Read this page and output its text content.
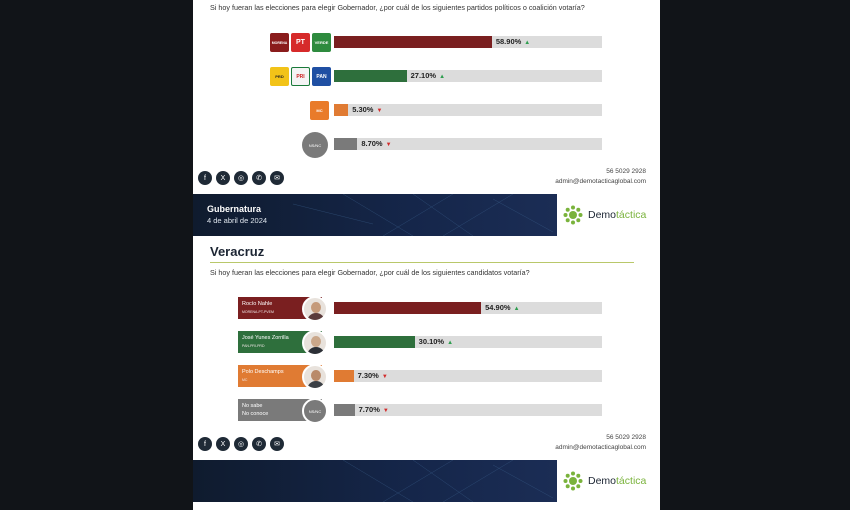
Si hoy fueran las elecciones para elegir Gobernador, ¿por cuál de los siguientes partidos políticos o coalición votaría?
MORENA	PT	VERDE	58.90% ▲
PRD	PRI	PAN	27.10% ▲
MC	5.30% ▼
NS/NC	8.70% ▼
f	X	◎	✆	✉
56 5029 2928
admin@demotacticaglobal.com
Gubernatura
4 de abril de 2024	Demotáctica
Veracruz
Si hoy fueran las elecciones para elegir Gobernador, ¿por cuál de los siguientes candidatos votaría?
Rocío Nahle
MORENA-PT-PVEM	54.90% ▲
José Yunes Zorrilla
PAN-PRI-PRD	30.10% ▲
Polo Deschamps
MC	7.30% ▼
No sabe
No conoce	NS/NC	7.70% ▼
f	X	◎	✆	✉
56 5029 2928
admin@demotacticaglobal.com
Demotáctica
